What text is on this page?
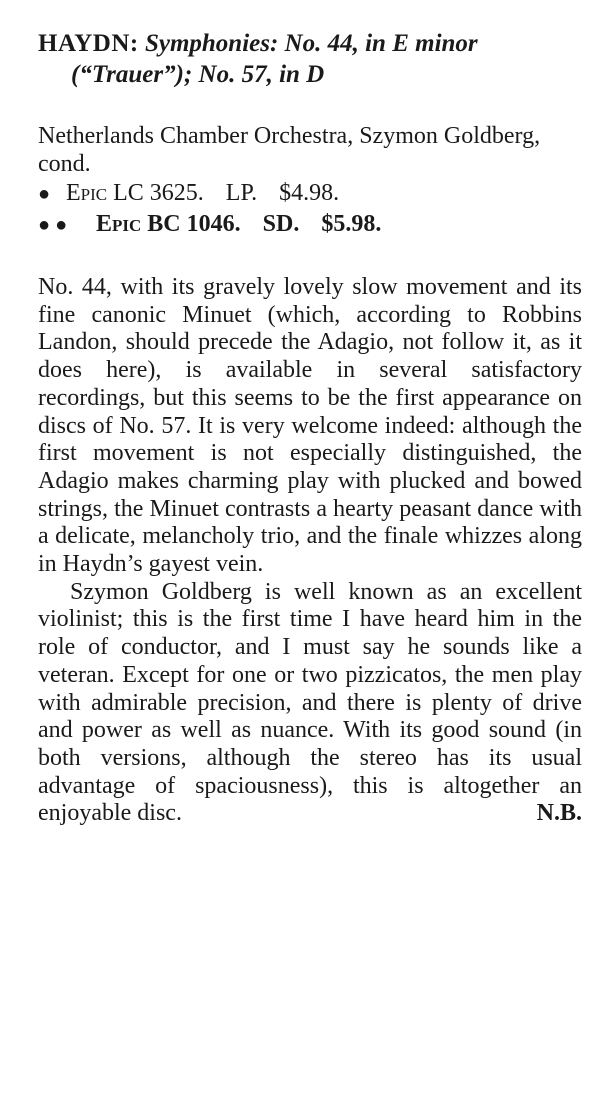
HAYDN: Symphonies: No. 44, in E minor
(“Trauer”); No. 57, in D

Netherlands Chamber Orchestra, Szymon Goldberg, cond.

● Epic LC 3625. LP. $4.98.
● ● Epic BC 1046. SD. $5.98.

No. 44, with its gravely lovely slow movement and its fine canonic Minuet (which, according to Robbins Landon, should precede the Adagio, not follow it, as it does here), is available in several satisfactory recordings, but this seems to be the first appearance on discs of No. 57. It is very welcome indeed: although the first movement is not especially distinguished, the Adagio makes charming play with plucked and bowed strings, the Minuet contrasts a hearty peasant dance with a delicate, melancholy trio, and the finale whizzes along in Haydn’s gayest vein.

Szymon Goldberg is well known as an excellent violinist; this is the first time I have heard him in the role of conductor, and I must say he sounds like a veteran. Except for one or two pizzicatos, the men play with admirable precision, and there is plenty of drive and power as well as nuance. With its good sound (in both versions, although the stereo has its usual advantage of spaciousness), this is altogether an enjoyable disc.	N.B.
